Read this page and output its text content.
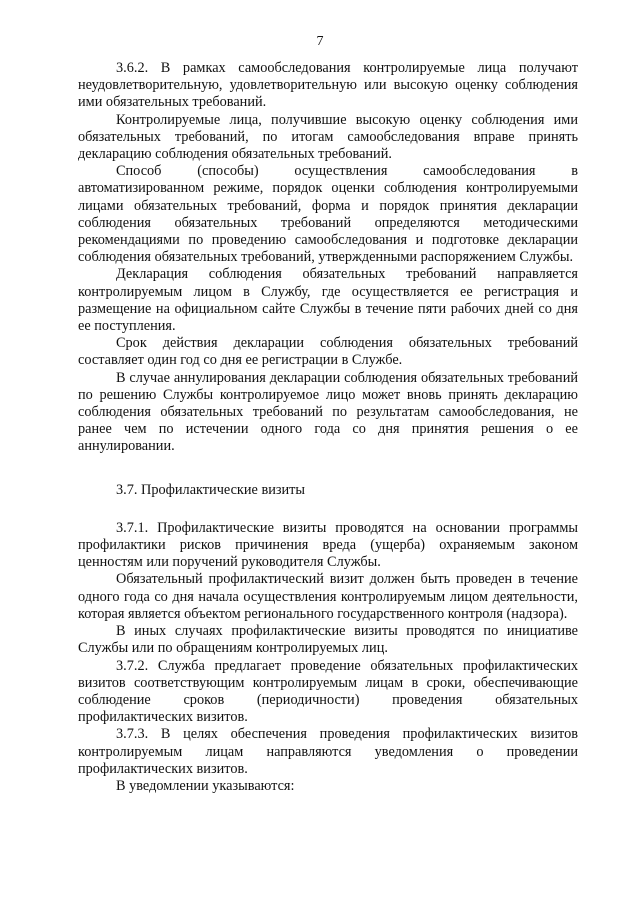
7

3.6.2. В рамках самообследования контролируемые лица получают неудовлетворительную, удовлетворительную или высокую оценку соблюдения ими обязательных требований.

Контролируемые лица, получившие высокую оценку соблюдения ими обязательных требований, по итогам самообследования вправе принять декларацию соблюдения обязательных требований.

Способ (способы) осуществления самообследования в автоматизированном режиме, порядок оценки соблюдения контролируемыми лицами обязательных требований, форма и порядок принятия декларации соблюдения обязательных требований определяются методическими рекомендациями по проведению самообследования и подготовке декларации соблюдения обязательных требований, утвержденными распоряжением Службы.

Декларация соблюдения обязательных требований направляется контролируемым лицом в Службу, где осуществляется ее регистрация и размещение на официальном сайте Службы в течение пяти рабочих дней со дня ее поступления.

Срок действия декларации соблюдения обязательных требований составляет один год со дня ее регистрации в Службе.

В случае аннулирования декларации соблюдения обязательных требований по решению Службы контролируемое лицо может вновь принять декларацию соблюдения обязательных требований по результатам самообследования, не ранее чем по истечении одного года со дня принятия решения о ее аннулировании.

3.7. Профилактические визиты

3.7.1. Профилактические визиты проводятся на основании программы профилактики рисков причинения вреда (ущерба) охраняемым законом ценностям или поручений руководителя Службы.

Обязательный профилактический визит должен быть проведен в течение одного года со дня начала осуществления контролируемым лицом деятельности, которая является объектом регионального государственного контроля (надзора).

В иных случаях профилактические визиты проводятся по инициативе Службы или по обращениям контролируемых лиц.

3.7.2. Служба предлагает проведение обязательных профилактических визитов соответствующим контролируемым лицам в сроки, обеспечивающие соблюдение сроков (периодичности) проведения обязательных профилактических визитов.

3.7.3. В целях обеспечения проведения профилактических визитов контролируемым лицам направляются уведомления о проведении профилактических визитов.

В уведомлении указываются:
